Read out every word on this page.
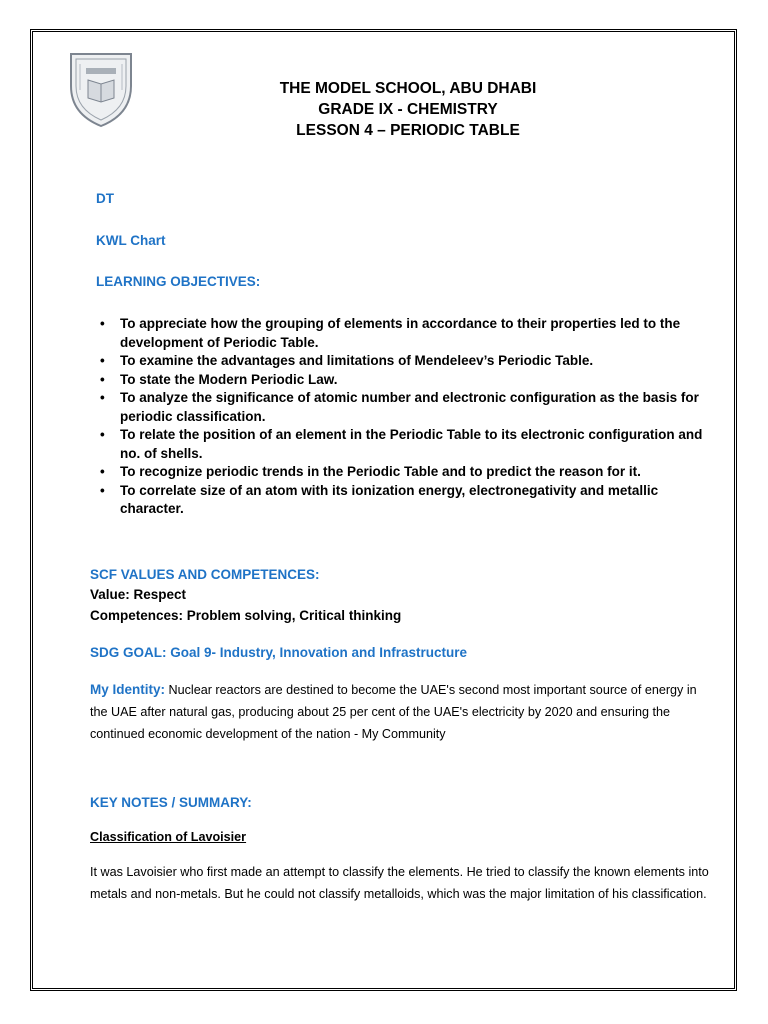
THE MODEL SCHOOL, ABU DHABI
GRADE IX - CHEMISTRY
LESSON 4 – PERIODIC TABLE
DT
KWL Chart
LEARNING OBJECTIVES:
• To appreciate how the grouping of elements in accordance to their properties led to the development of Periodic Table.
• To examine the advantages and limitations of Mendeleev’s Periodic Table.
• To state the Modern Periodic Law.
• To analyze the significance of atomic number and electronic configuration as the basis for periodic classification.
• To relate the position of an element in the Periodic Table to its electronic configuration and no. of shells.
• To recognize periodic trends in the Periodic Table and to predict the reason for it.
• To correlate size of an atom with its ionization energy, electronegativity and metallic character.
SCF VALUES AND COMPETENCES:
Value: Respect
Competences: Problem solving, Critical thinking
SDG GOAL: Goal 9- Industry, Innovation and Infrastructure
My Identity: Nuclear reactors are destined to become the UAE's second most important source of energy in the UAE after natural gas, producing about 25 per cent of the UAE's electricity by 2020 and ensuring the continued economic development of the nation - My Community
KEY NOTES / SUMMARY:
Classification of Lavoisier
It was Lavoisier who first made an attempt to classify the elements. He tried to classify the known elements into metals and non-metals. But he could not classify metalloids, which was the major limitation of his classification.
